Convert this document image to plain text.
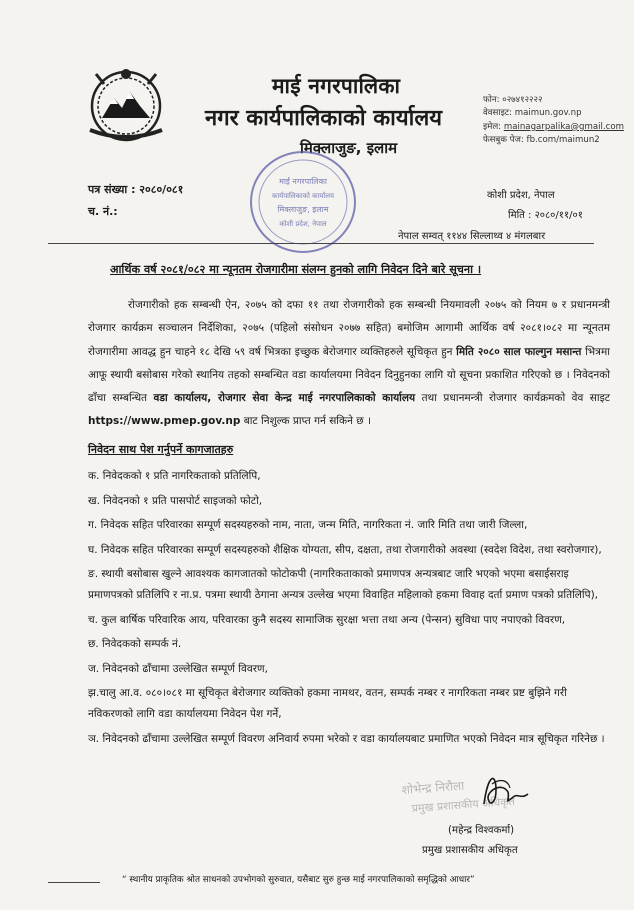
माई नगरपालिका
नगर कार्यपालिकाको कार्यालय
मिक्लाजुङ, इलाम
माई नगरपालिका
कार्यपालिकाको कार्यालय
मिक्लाजुङ, इलाम
कोशी प्रदेश, नेपाल
फोन: ०२७४१२२२२
वेवसाइट: maimun.gov.np
इमेल: mainagarpalika@gmail.com
फेसबुक पेज: fb.com/maimun2
पत्र संख्या : २०८०/०८१
च. नं.:
कोशी प्रदेश, नेपाल
मिति : २०८०/११/०१
नेपाल सम्वत् ११४४ सिल्लाथ्व ४ मंगलबार
आर्थिक वर्ष २०८१/०८२ मा न्यूनतम रोजगारीमा संलग्न हुनको लागि निवेदन दिने बारे सूचना ।
रोजगारीको हक सम्बन्धी ऐन, २०७५ को दफा ११ तथा रोजगारीको हक सम्बन्धी नियमावली २०७५ को नियम ७ र प्रधानमन्त्री रोजगार कार्यक्रम सञ्चालन निर्देशिका, २०७५ (पहिलो संसोधन २०७७ सहित) बमोजिम आगामी आर्थिक वर्ष २०८१।०८२ मा न्यूनतम रोजगारीमा आवद्ध हुन चाहने १८ देखि ५९ वर्ष भित्रका इच्छुक बेरोजगार व्यक्तिहरुले सूचिकृत हुन मिति २०८० साल फाल्गुन मसान्त भित्रमा आफू स्थायी बसोबास गरेको स्थानिय तहको सम्बन्धित वडा कार्यालयमा निवेदन दिनुहुनका लागि यो सूचना प्रकाशित गरिएको छ । निवेदनको ढाँचा सम्बन्धित वडा कार्यालय, रोजगार सेवा केन्द्र माई नगरपालिकाको कार्यालय तथा प्रधानमन्त्री रोजगार कार्यक्रमको वेव साइट https://www.pmep.gov.np बाट निशुल्क प्राप्त गर्न सकिने छ ।
निवेदन साथ पेश गर्नुपर्ने कागजातहरु
क. निवेदकको १ प्रति नागरिकताको प्रतिलिपि,
ख. निवेदनको १ प्रति पासपोर्ट साइजको फोटो,
ग. निवेदक सहित परिवारका सम्पूर्ण सदस्यहरुको नाम, नाता, जन्म मिति, नागरिकता नं. जारि मिति तथा जारी जिल्ला,
घ. निवेदक सहित परिवारका सम्पूर्ण सदस्यहरुको शैक्षिक योग्यता, सीप, दक्षता, तथा रोजगारीको अवस्था (स्वदेश विदेश, तथा स्वरोजगार),
ङ. स्थायी बसोबास खुल्ने आवश्यक कागजातको फोटोकपी (नागरिकताकाको प्रमाणपत्र अन्यत्रबाट जारि भएको भएमा बसाईसराइ प्रमाणपत्रको प्रतिलिपि र ना.प्र. पत्रमा स्थायी ठेगाना अन्यत्र उल्लेख भएमा विवाहित महिलाको हकमा विवाह दर्ता प्रमाण पत्रको प्रतिलिपि),
च. कुल बार्षिक परिवारिक आय, परिवारका कुनै सदस्य सामाजिक सुरक्षा भत्ता तथा अन्य (पेन्सन) सुविधा पाए नपाएको विवरण,
छ. निवेदकको सम्पर्क नं.
ज. निवेदनको ढाँचामा उल्लेखित सम्पूर्ण विवरण,
झ.चालु आ.व. ०८०।०८१ मा सूचिकृत बेरोजगार व्यक्तिको हकमा नामथर, वतन, सम्पर्क नम्बर र नागरिकता नम्बर प्रष्ट बुझिने गरी नविकरणको लागि वडा कार्यालयमा निवेदन पेश गर्ने,
ञ. निवेदनको ढाँचामा उल्लेखित सम्पूर्ण विवरण अनिवार्य रुपमा भरेको र वडा कार्यालयबाट प्रमाणित भएको निवेदन मात्र सूचिकृत गरिनेछ ।
शोभेन्द्र निरौला
प्रमुख प्रशासकीय अधिकृत
(महेन्द्र विश्वकर्मा)
प्रमुख प्रशासकीय अधिकृत
“ स्थानीय प्राकृतिक श्रोत साधनको उपभोगको सुरुवात, यसैबाट सुरु हुन्छ माई नगरपालिकाको समृद्धिको आधार”
